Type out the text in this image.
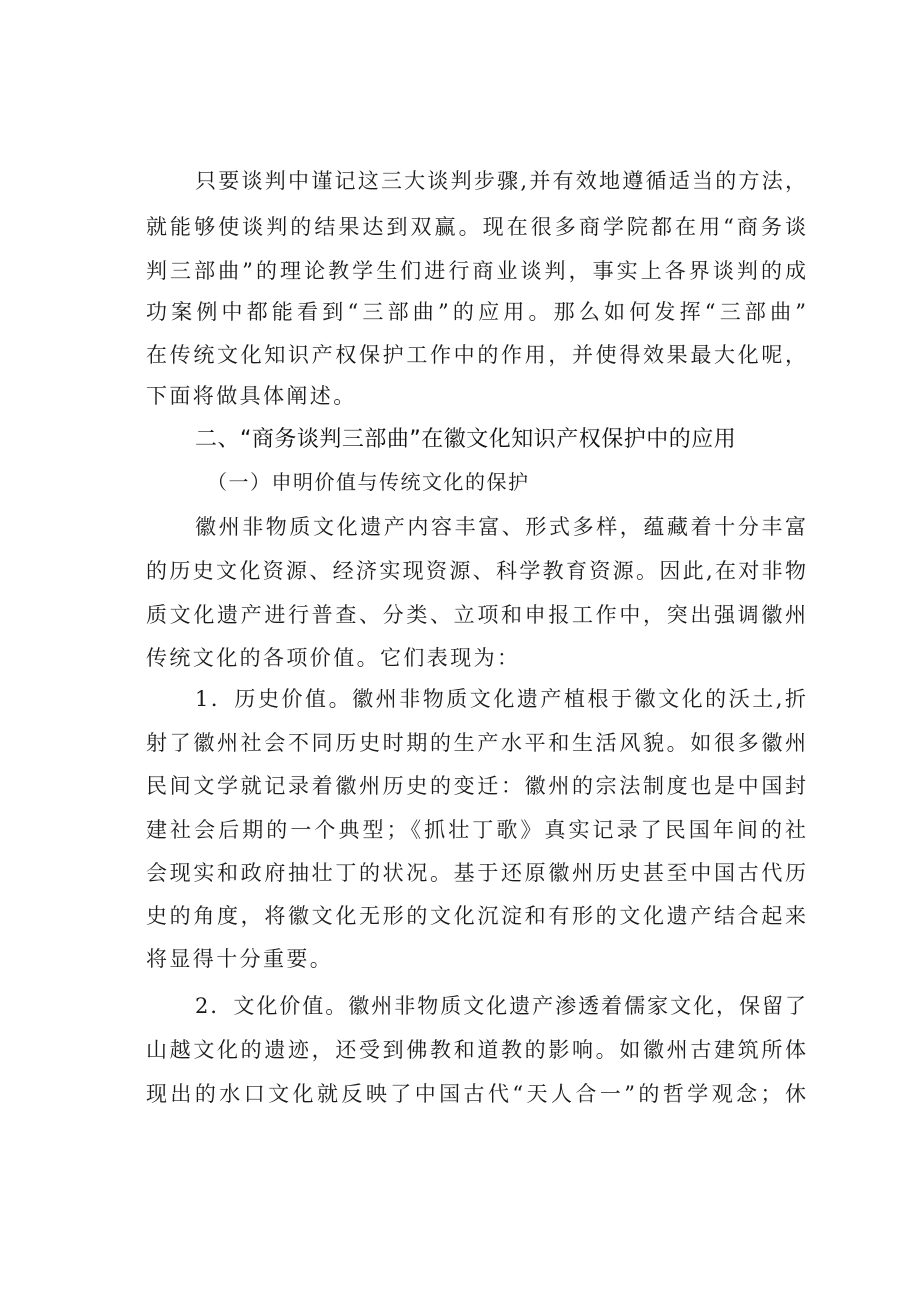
只要谈判中谨记这三大谈判步骤,并有效地遵循适当的方法，
就能够使谈判的结果达到双赢。现在很多商学院都在用“商务谈
判三部曲”的理论教学生们进行商业谈判，事实上各界谈判的成
功案例中都能看到“三部曲”的应用。那么如何发挥“三部曲”
在传统文化知识产权保护工作中的作用，并使得效果最大化呢，
下面将做具体阐述。
二、“商务谈判三部曲”在徽文化知识产权保护中的应用
（一）申明价值与传统文化的保护
徽州非物质文化遗产内容丰富、形式多样，蕴藏着十分丰富
的历史文化资源、经济实现资源、科学教育资源。因此,在对非物
质文化遗产进行普查、分类、立项和申报工作中，突出强调徽州
传统文化的各项价值。它们表现为：
1．历史价值。徽州非物质文化遗产植根于徽文化的沃土,折
射了徽州社会不同历史时期的生产水平和生活风貌。如很多徽州
民间文学就记录着徽州历史的变迁：徽州的宗法制度也是中国封
建社会后期的一个典型；《抓壮丁歌》真实记录了民国年间的社
会现实和政府抽壮丁的状况。基于还原徽州历史甚至中国古代历
史的角度，将徽文化无形的文化沉淀和有形的文化遗产结合起来
将显得十分重要。
2．文化价值。徽州非物质文化遗产渗透着儒家文化，保留了
山越文化的遗迹，还受到佛教和道教的影响。如徽州古建筑所体
现出的水口文化就反映了中国古代“天人合一”的哲学观念；休
